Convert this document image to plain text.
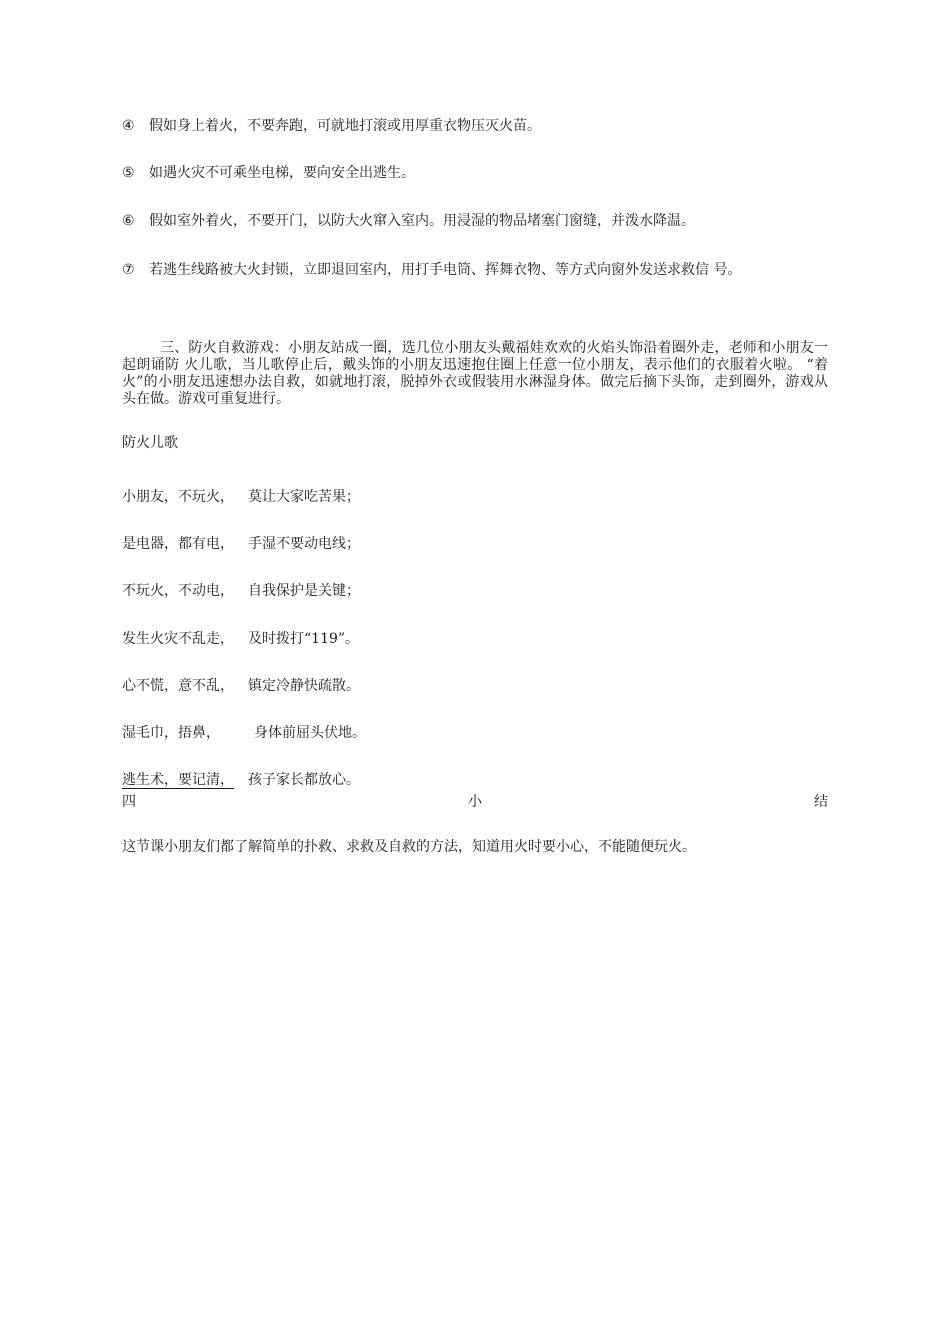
④ 假如身上着火，不要奔跑，可就地打滚或用厚重衣物压灭火苗。
⑤ 如遇火灾不可乘坐电梯，要向安全出逃生。
⑥ 假如室外着火，不要开门，以防大火窜入室内。用浸湿的物品堵塞门窗缝，并泼水降温。
⑦ 若逃生线路被大火封锁，立即退回室内，用打手电筒、挥舞衣物、等方式向窗外发送求救信 号。
三、防火自救游戏：小朋友站成一圈，选几位小朋友头戴福娃欢欢的火焰头饰沿着圈外走，老师和小朋友一起朗诵防 火儿歌，当儿歌停止后，戴头饰的小朋友迅速抱住圈上任意一位小朋友，表示他们的衣服着火啦。 “着火”的小朋友迅速想办法自救，如就地打滚，脱掉外衣或假装用水淋湿身体。做完后摘下头饰，走到圈外，游戏从头在做。游戏可重复进行。
防火儿歌
小朋友，不玩火， 莫让大家吃苦果；
是电器，都有电， 手湿不要动电线；
不玩火，不动电， 自我保护是关键；
发生火灾不乱走， 及时拨打“119”。
心不慌，意不乱， 镇定冷静快疏散。
湿毛巾，捂鼻， 身体前屈头伏地。
逃生术，要记清， 孩子家长都放心。
四	小	结
这节课小朋友们都了解简单的扑救、求救及自救的方法，知道用火时要小心，不能随便玩火。
